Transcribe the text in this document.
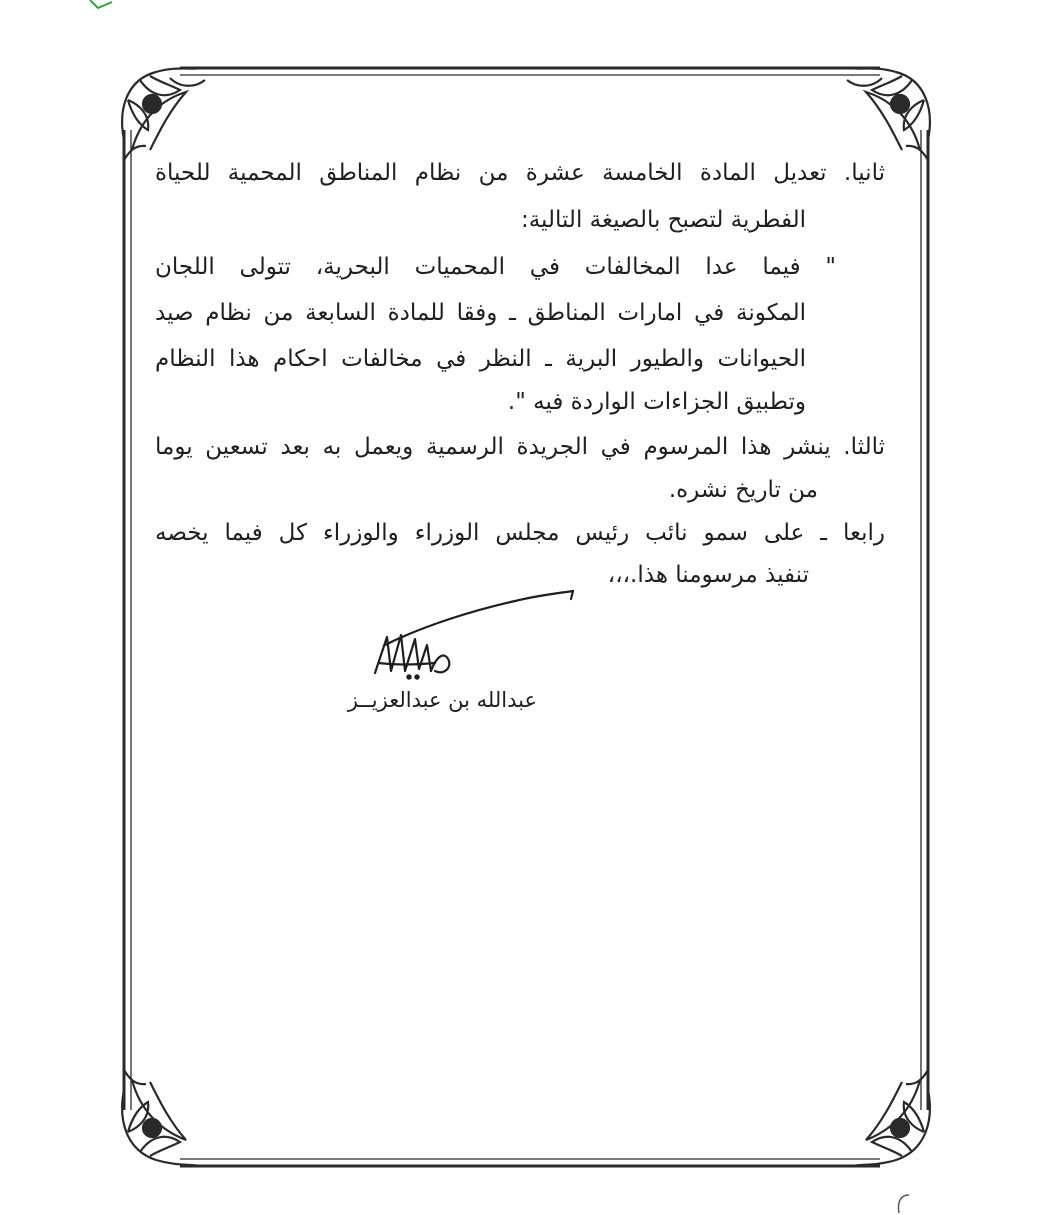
ثانيا. تعديل المادة الخامسة عشرة من نظام المناطق المحمية للحياة
الفطرية لتصبح بالصيغة التالية:
" فيما عدا المخالفات في المحميات البحرية، تتولى اللجان
المكونة في امارات المناطق ـ وفقا للمادة السابعة من نظام صيد
الحيوانات والطيور البرية ـ النظر في مخالفات احكام هذا النظام
وتطبيق الجزاءات الواردة فيه ".
ثالثا. ينشر هذا المرسوم في الجريدة الرسمية ويعمل به بعد تسعين يوما
من تاريخ نشره.
رابعا ـ على سمو نائب رئيس مجلس الوزراء والوزراء كل فيما يخصه
تنفيذ مرسومنا هذا.،،،
عبدالله بن عبدالعزيــز
